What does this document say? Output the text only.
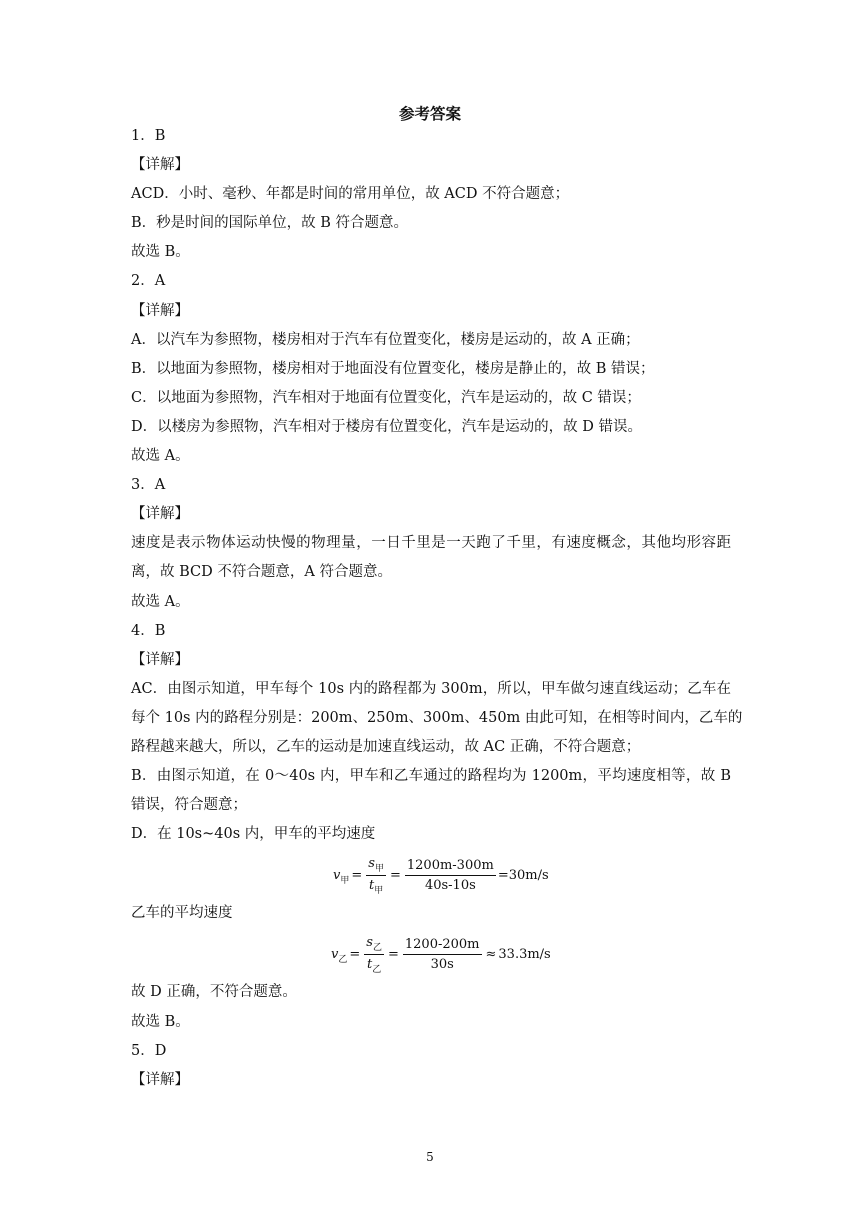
参考答案
1．B
【详解】
ACD．小时、毫秒、年都是时间的常用单位，故 ACD 不符合题意；
B．秒是时间的国际单位，故 B 符合题意。
故选 B。
2．A
【详解】
A．以汽车为参照物，楼房相对于汽车有位置变化，楼房是运动的，故 A 正确；
B．以地面为参照物，楼房相对于地面没有位置变化，楼房是静止的，故 B 错误；
C．以地面为参照物，汽车相对于地面有位置变化，汽车是运动的，故 C 错误；
D．以楼房为参照物，汽车相对于楼房有位置变化，汽车是运动的，故 D 错误。
故选 A。
3．A
【详解】
速度是表示物体运动快慢的物理量，一日千里是一天跑了千里，有速度概念，其他均形容距
离，故 BCD 不符合题意，A 符合题意。
故选 A。
4．B
【详解】
AC．由图示知道，甲车每个 10s 内的路程都为 300m，所以，甲车做匀速直线运动；乙车在
每个 10s 内的路程分别是：200m、250m、300m、450m 由此可知，在相等时间内，乙车的
路程越来越大，所以，乙车的运动是加速直线运动，故 AC 正确，不符合题意；
B．由图示知道，在 0～40s 内，甲车和乙车通过的路程均为 1200m，平均速度相等，故 B
错误，符合题意；
D．在 10s~40s 内，甲车的平均速度
v 甲 = $\frac{s_甲}{t_甲} = \frac{1200m-300m}{40s-10s} =30m/s$
乙车的平均速度
v 乙 = $\frac{s_乙}{t_乙} = \frac{1200-200m}{30s} \approx 33.3m/s$
故 D 正确，不符合题意。
故选 B。
5．D
【详解】
5
